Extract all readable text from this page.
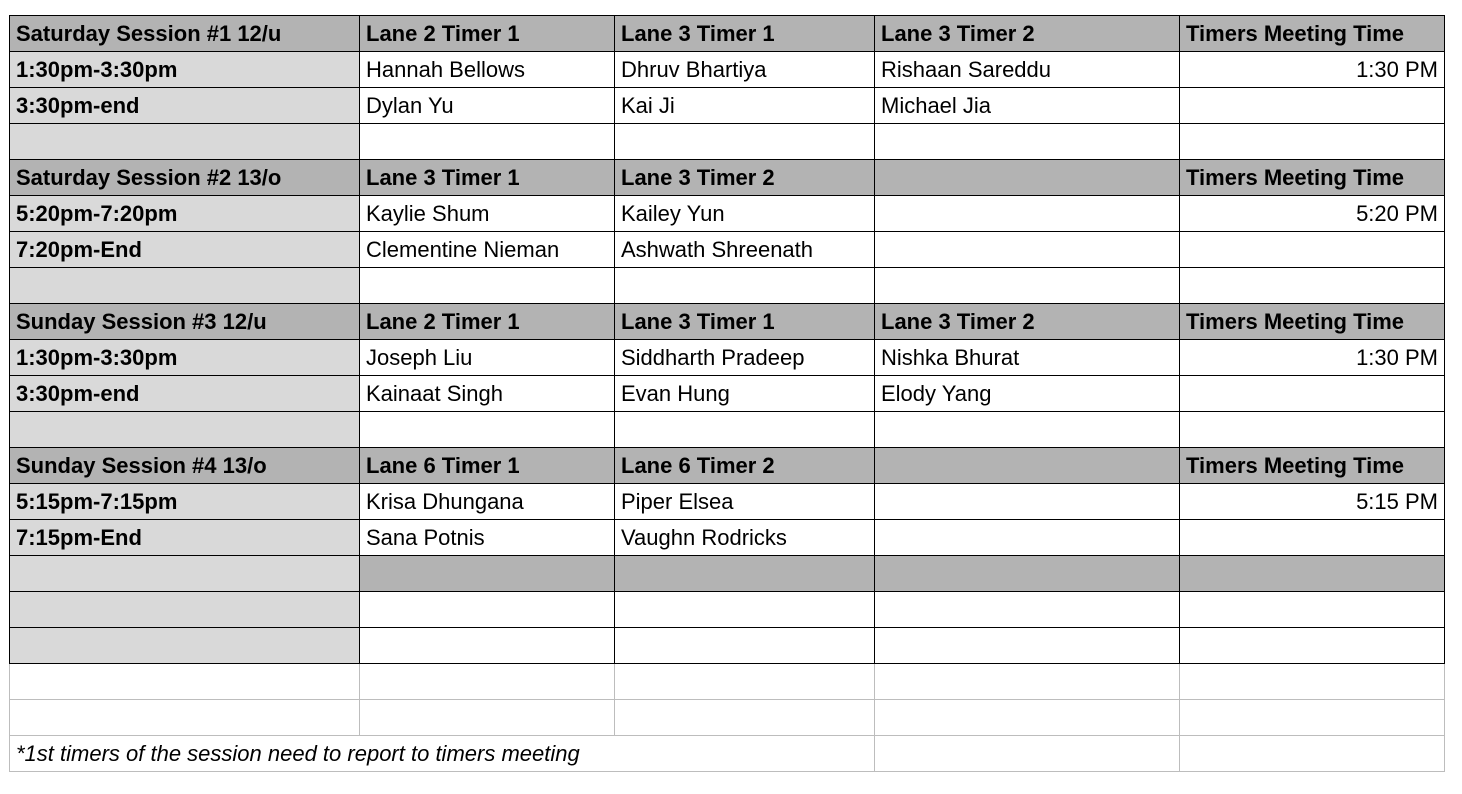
Saturday Session #1 12/u	Lane 2 Timer 1	Lane 3 Timer 1	Lane 3 Timer 2	Timers Meeting Time
1:30pm-3:30pm	Hannah Bellows	Dhruv Bhartiya	Rishaan Sareddu	1:30 PM
3:30pm-end	Dylan Yu	Kai Ji	Michael Jia	

Saturday Session #2 13/o	Lane 3 Timer 1	Lane 3 Timer 2		Timers Meeting Time
5:20pm-7:20pm	Kaylie Shum	Kailey Yun		5:20 PM
7:20pm-End	Clementine Nieman	Ashwath Shreenath		

Sunday Session #3 12/u	Lane 2 Timer 1	Lane 3 Timer 1	Lane 3 Timer 2	Timers Meeting Time
1:30pm-3:30pm	Joseph Liu	Siddharth Pradeep	Nishka Bhurat	1:30 PM
3:30pm-end	Kainaat Singh	Evan Hung	Elody Yang	

Sunday Session #4 13/o	Lane 6 Timer 1	Lane 6 Timer 2		Timers Meeting Time
5:15pm-7:15pm	Krisa Dhungana	Piper Elsea		5:15 PM
7:15pm-End	Sana Potnis	Vaughn Rodricks		

*1st timers of the session need to report to timers meeting				
